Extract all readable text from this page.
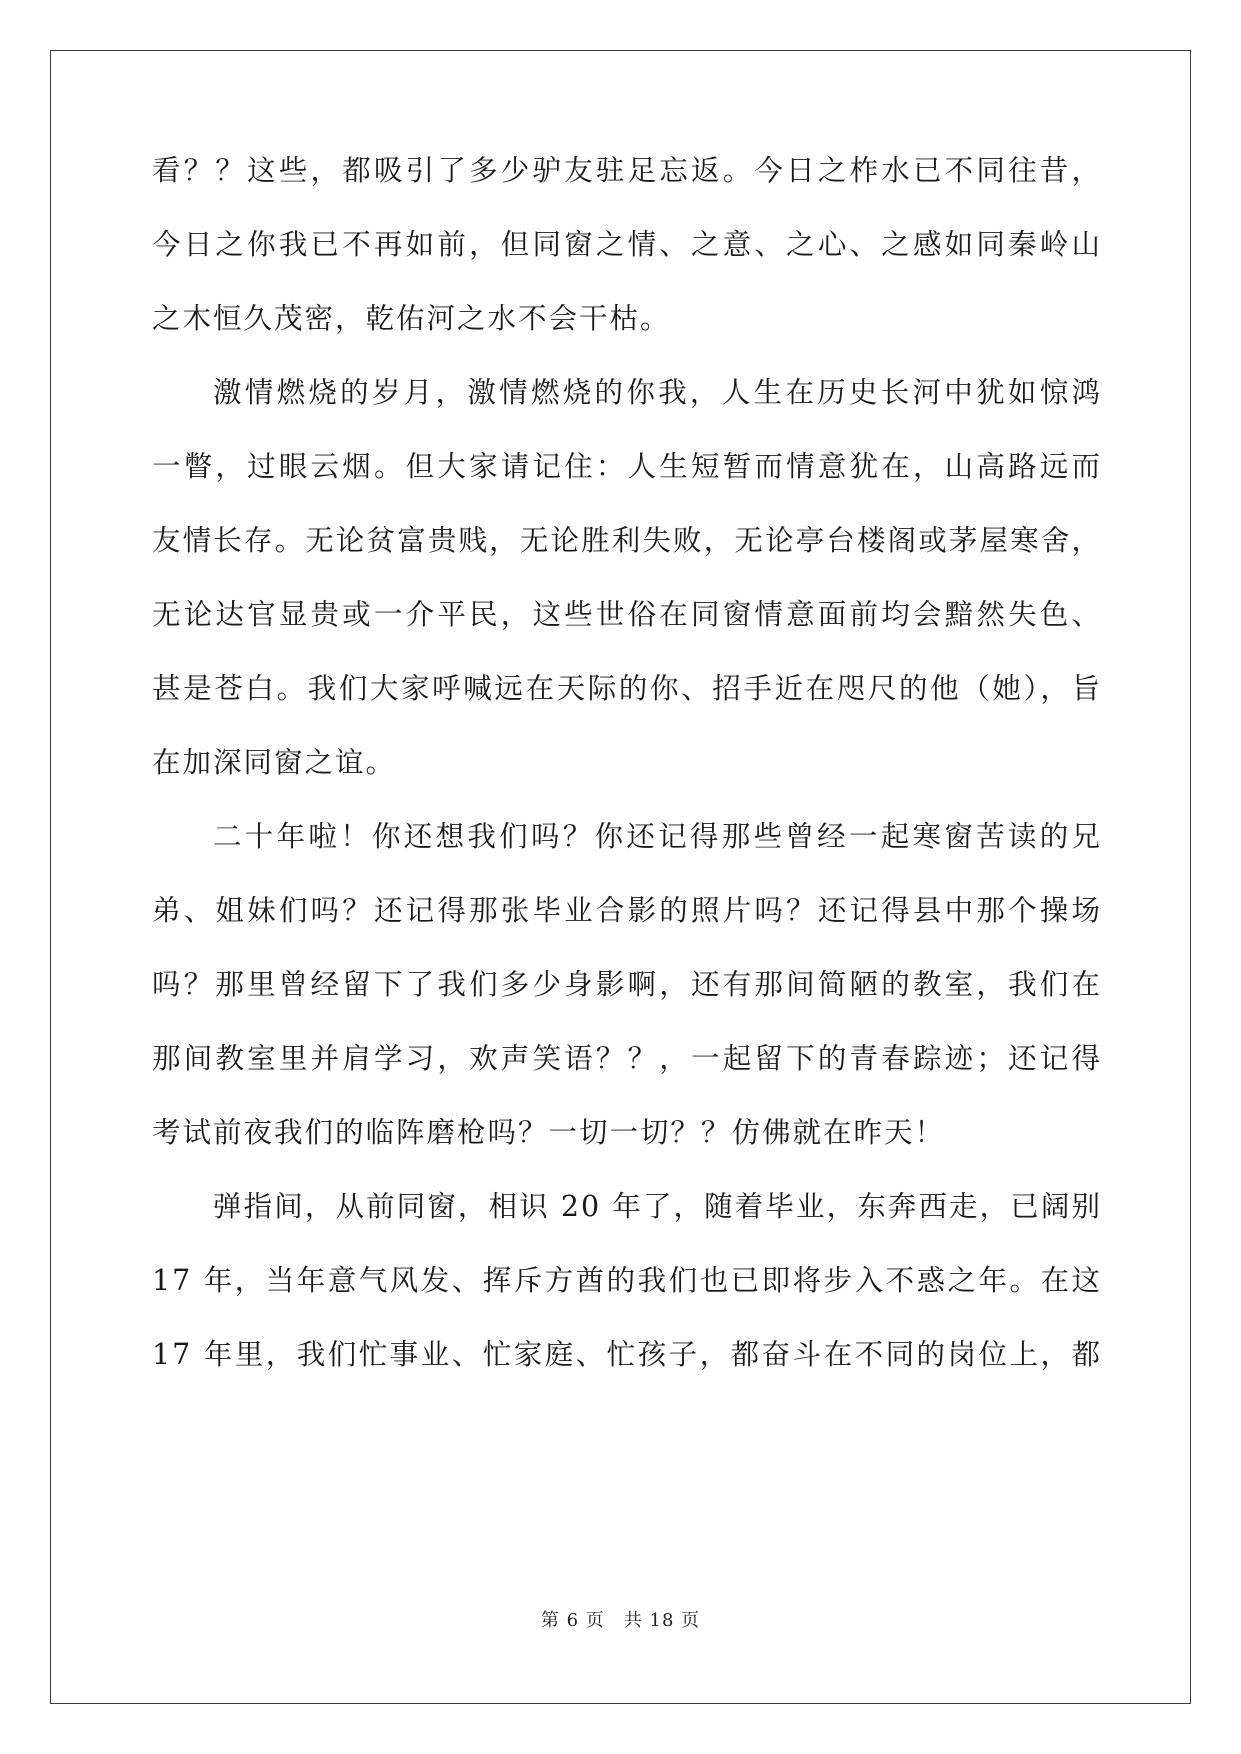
看？？这些，都吸引了多少驴友驻足忘返。今日之柞水已不同往昔，
今日之你我已不再如前，但同窗之情、之意、之心、之感如同秦岭山
之木恒久茂密，乾佑河之水不会干枯。
激情燃烧的岁月，激情燃烧的你我，人生在历史长河中犹如惊鸿
一瞥，过眼云烟。但大家请记住：人生短暂而情意犹在，山高路远而
友情长存。无论贫富贵贱，无论胜利失败，无论亭台楼阁或茅屋寒舍，
无论达官显贵或一介平民，这些世俗在同窗情意面前均会黯然失色、
甚是苍白。我们大家呼喊远在天际的你、招手近在咫尺的他（她），旨
在加深同窗之谊。
二十年啦！你还想我们吗？你还记得那些曾经一起寒窗苦读的兄
弟、姐妹们吗？还记得那张毕业合影的照片吗？还记得县中那个操场
吗？那里曾经留下了我们多少身影啊，还有那间简陋的教室，我们在
那间教室里并肩学习，欢声笑语？？，一起留下的青春踪迹；还记得
考试前夜我们的临阵磨枪吗？一切一切？？仿佛就在昨天！
弹指间，从前同窗，相识 20 年了，随着毕业，东奔西走，已阔别
17 年，当年意气风发、挥斥方酋的我们也已即将步入不惑之年。在这
17 年里，我们忙事业、忙家庭、忙孩子，都奋斗在不同的岗位上，都
第 6 页　共 18 页
